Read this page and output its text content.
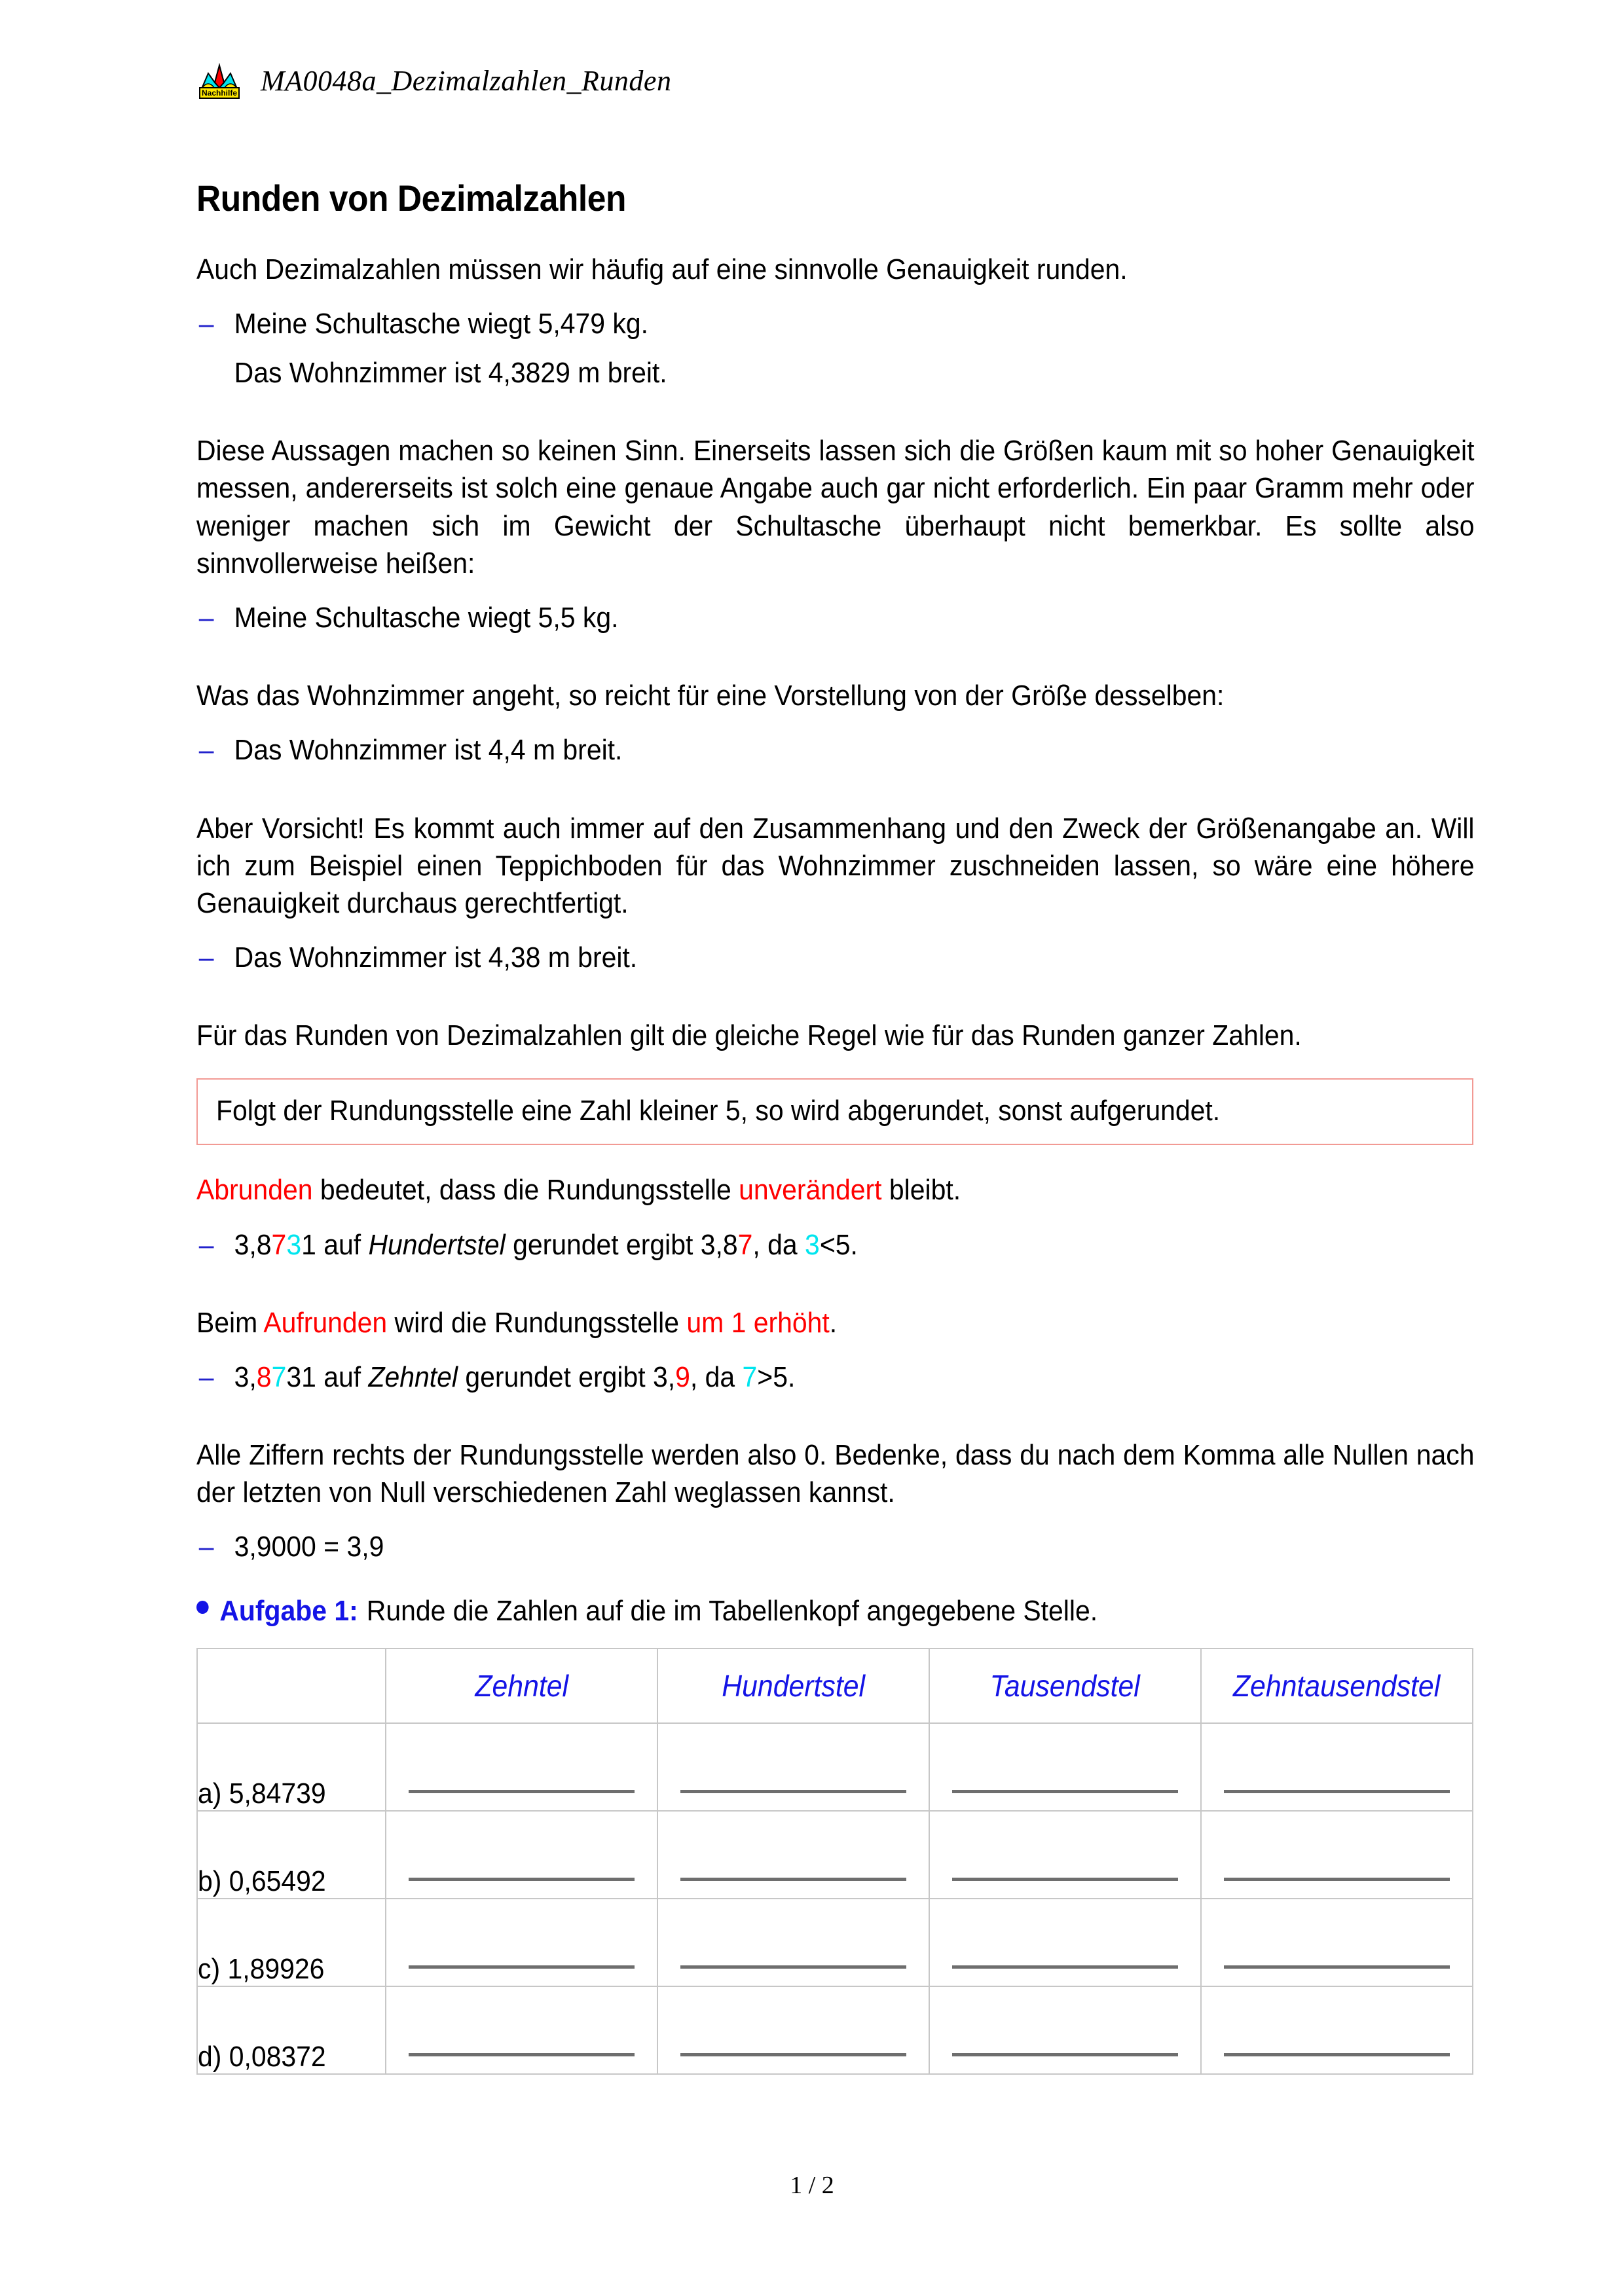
Nachhilfe MA0048a_Dezimalzahlen_Runden
Runden von Dezimalzahlen

Auch Dezimalzahlen müssen wir häufig auf eine sinnvolle Genauigkeit runden.

– Meine Schultasche wiegt 5,479 kg.
Das Wohnzimmer ist 4,3829 m breit.

Diese Aussagen machen so keinen Sinn. Einerseits lassen sich die Größen kaum mit so hoher Genauigkeit messen, andererseits ist solch eine genaue Angabe auch gar nicht erforderlich. Ein paar Gramm mehr oder weniger machen sich im Gewicht der Schultasche überhaupt nicht bemerkbar. Es sollte also sinnvollerweise heißen:

– Meine Schultasche wiegt 5,5 kg.

Was das Wohnzimmer angeht, so reicht für eine Vorstellung von der Größe desselben:

– Das Wohnzimmer ist 4,4 m breit.

Aber Vorsicht! Es kommt auch immer auf den Zusammenhang und den Zweck der Größenangabe an. Will ich zum Beispiel einen Teppichboden für das Wohnzimmer zuschneiden lassen, so wäre eine höhere Genauigkeit durchaus gerechtfertigt.

– Das Wohnzimmer ist 4,38 m breit.

Für das Runden von Dezimalzahlen gilt die gleiche Regel wie für das Runden ganzer Zahlen.

Folgt der Rundungsstelle eine Zahl kleiner 5, so wird abgerundet, sonst aufgerundet.

Abrunden bedeutet, dass die Rundungsstelle unverändert bleibt.

– 3,8731 auf Hundertstel gerundet ergibt 3,87, da 3<5.

Beim Aufrunden wird die Rundungsstelle um 1 erhöht.

– 3,8731 auf Zehntel gerundet ergibt 3,9, da 7>5.

Alle Ziffern rechts der Rundungsstelle werden also 0. Bedenke, dass du nach dem Komma alle Nullen nach der letzten von Null verschiedenen Zahl weglassen kannst.

– 3,9000 = 3,9
Aufgabe 1: Runde die Zahlen auf die im Tabellenkopf angegebene Stelle.
	Zehntel	Hundertstel	Tausendstel	Zehntausendstel
a) 5,84739	

b) 0,65492	

c) 1,89926	

d) 0,08372	

1 / 2
